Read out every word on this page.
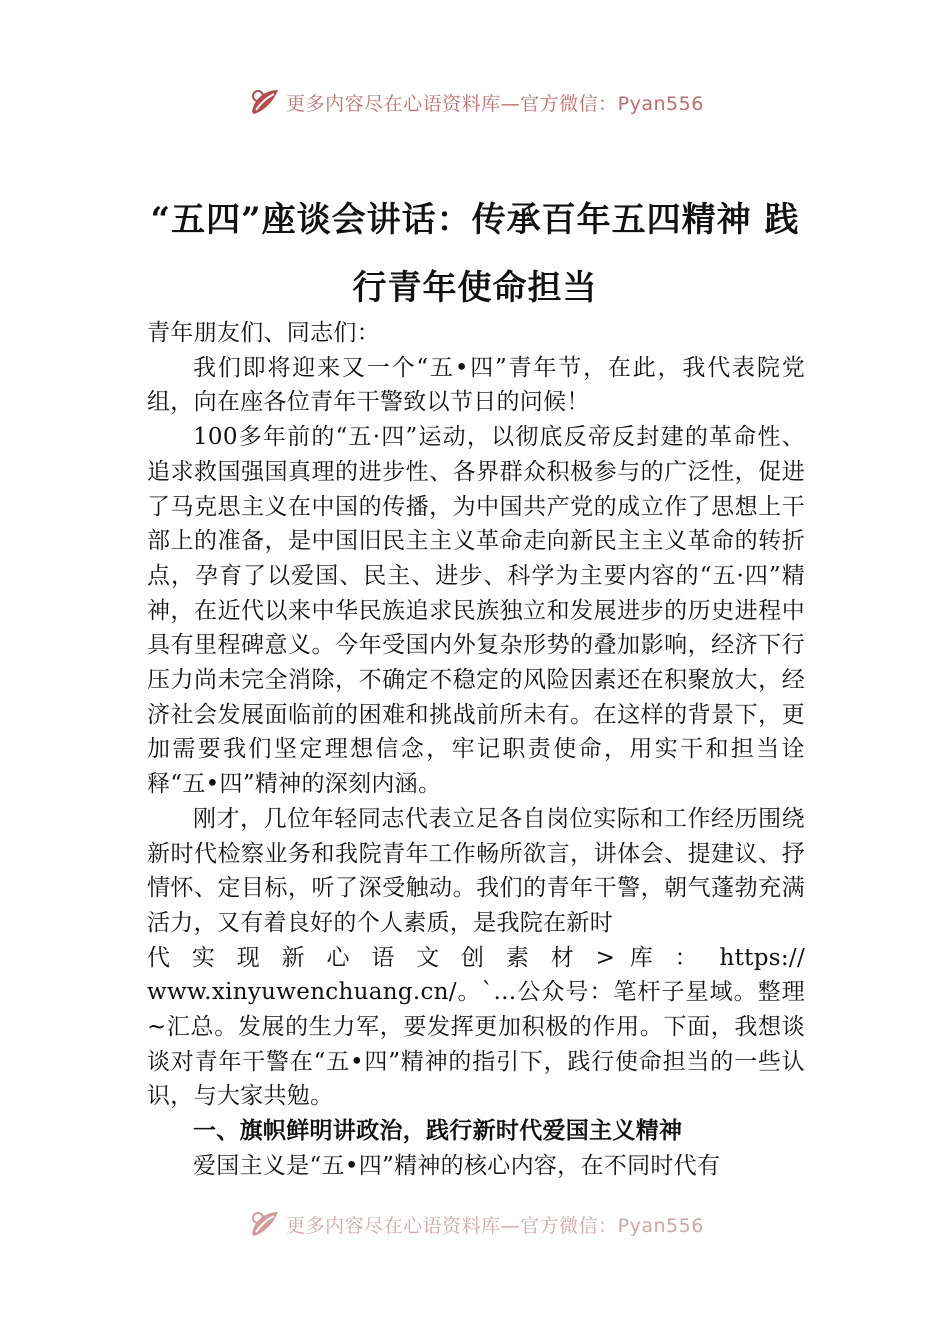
更多内容尽在心语资料库—官方微信：Pyan556
“五四”座谈会讲话：传承百年五四精神 践
行青年使命担当

青年朋友们、同志们：

我们即将迎来又一个“五•四”青年节，在此，我代表院党组，向在座各位青年干警致以节日的问候！

100多年前的“五·四”运动，以彻底反帝反封建的革命性、追求救国强国真理的进步性、各界群众积极参与的广泛性，促进了马克思主义在中国的传播，为中国共产党的成立作了思想上干部上的准备，是中国旧民主主义革命走向新民主主义革命的转折点，孕育了以爱国、民主、进步、科学为主要内容的“五·四”精神，在近代以来中华民族追求民族独立和发展进步的历史进程中具有里程碑意义。今年受国内外复杂形势的叠加影响，经济下行压力尚未完全消除，不确定不稳定的风险因素还在积聚放大，经济社会发展面临前的困难和挑战前所未有。在这样的背景下，更加需要我们坚定理想信念，牢记职责使命，用实干和担当诠释“五•四”精神的深刻内涵。

刚才，几位年轻同志代表立足各自岗位实际和工作经历围绕新时代检察业务和我院青年工作畅所欲言，讲体会、提建议、抒情怀、定目标，听了深受触动。我们的青年干警，朝气蓬勃充满活力，又有着良好的个人素质，是我院在新时

代 实 现 新 心 语 文 创 素 材 > 库 ： https://

www.xinyuwenchuang.cn/。`…公众号：笔杆子星域。整理~汇总。发展的生力军，要发挥更加积极的作用。下面，我想谈谈对青年干警在“五•四”精神的指引下，践行使命担当的一些认识，与大家共勉。

一、旗帜鲜明讲政治，践行新时代爱国主义精神

爱国主义是“五•四”精神的核心内容，在不同时代有

更多内容尽在心语资料库—官方微信：Pyan556
